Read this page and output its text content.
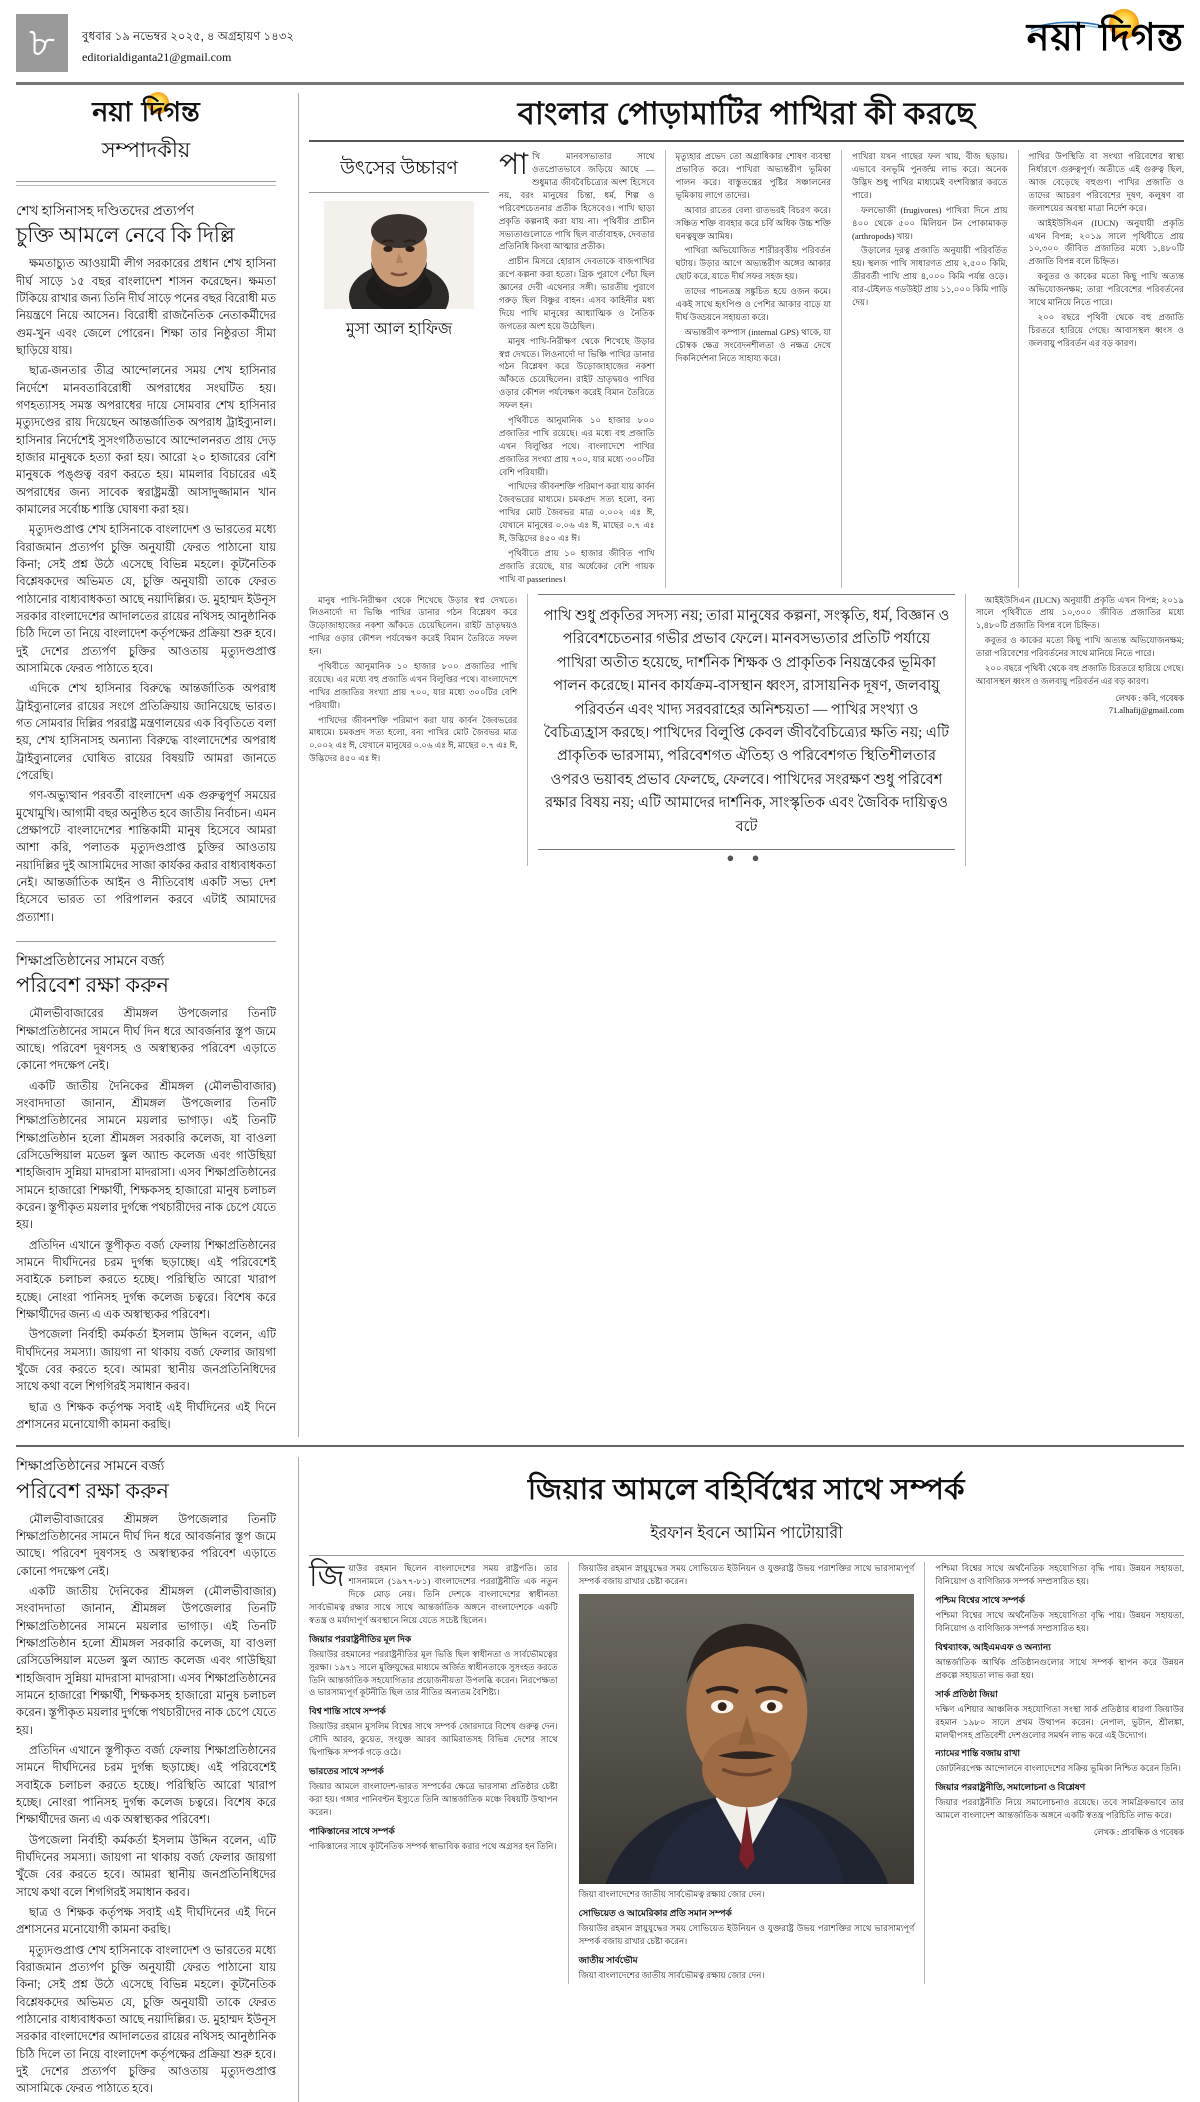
৮	বুধবার ১৯ নভেম্বর ২০২৫, ৪ অগ্রহায়ণ ১৪৩২
editorialdiganta21@gmail.com	নয়া দিগন্ত
নয়া দিগন্ত
সম্পাদকীয়
শেখ হাসিনাসহ দণ্ডিতদের প্রত্যর্পণ
চুক্তি আমলে নেবে কি দিল্লি

ক্ষমতাচ্যুত আওয়ামী লীগ সরকারের প্রধান শেখ হাসিনা দীর্ঘ সাড়ে ১৫ বছর বাংলাদেশ শাসন করেছেন। ক্ষমতা টিকিয়ে রাখার জন্য তিনি দীর্ঘ সাড়ে পনের বছর বিরোধী মত নিয়ন্ত্রণে নিয়ে আসেন। বিরোধী রাজনৈতিক নেতাকর্মীদের গুম-খুন এবং জেলে পোরেন। শিক্ষা তার নিষ্ঠুরতা সীমা ছাড়িয়ে যায়।

ছাত্র-জনতার তীব্র আন্দোলনের সময় শেখ হাসিনার নির্দেশে মানবতাবিরোধী অপরাধের সংঘটিত হয়। গণহত্যাসহ সমস্ত অপরাধের দায়ে সোমবার শেখ হাসিনার মৃত্যুদণ্ডের রায় দিয়েছেন আন্তর্জাতিক অপরাধ ট্রাইব্যুনাল। হাসিনার নির্দেশেই সুসংগঠিতভাবে আন্দোলনরত প্রায় দেড় হাজার মানুষকে হত্যা করা হয়। আরো ২০ হাজারের বেশি মানুষকে পঙ্গুত্ব বরণ করতে হয়। মামলার বিচারের এই অপরাধের জন্য সাবেক স্বরাষ্ট্রমন্ত্রী আসাদুজ্জামান খান কামালের সর্বোচ্চ শাস্তি ঘোষণা করা হয়।

মৃত্যুদণ্ডপ্রাপ্ত শেখ হাসিনাকে বাংলাদেশ ও ভারতের মধ্যে বিরাজমান প্রত্যর্পণ চুক্তি অনুযায়ী ফেরত পাঠানো যায় কিনা; সেই প্রশ্ন উঠে এসেছে বিভিন্ন মহলে। কূটনৈতিক বিশ্লেষকদের অভিমত যে, চুক্তি অনুযায়ী তাকে ফেরত পাঠানোর বাধ্যবাধকতা আছে নয়াদিল্লির। ড. মুহাম্মদ ইউনূস সরকার বাংলাদেশের আদালতের রায়ের নথিসহ আনুষ্ঠানিক চিঠি দিলে তা নিয়ে বাংলাদেশ কর্তৃপক্ষের প্রক্রিয়া শুরু হবে। দুই দেশের প্রত্যর্পণ চুক্তির আওতায় মৃত্যুদণ্ডপ্রাপ্ত আসামিকে ফেরত পাঠাতে হবে।

এদিকে শেখ হাসিনার বিরুদ্ধে আন্তর্জাতিক অপরাধ ট্রাইব্যুনালের রায়ের সংগে প্রতিক্রিয়ায় জানিয়েছে ভারত। গত সোমবার দিল্লির পররাষ্ট্র মন্ত্রণালয়ের এক বিবৃতিতে বলা হয়, শেখ হাসিনাসহ অন্যান্য বিরুদ্ধে বাংলাদেশের অপরাধ ট্রাইব্যুনালের ঘোষিত রায়ের বিষয়টি আমরা জানতে পেরেছি।

গণ-অভ্যুত্থান পরবর্তী বাংলাদেশ এক গুরুত্বপূর্ণ সময়ের মুখোমুখি। আগামী বছর অনুষ্ঠিত হবে জাতীয় নির্বাচন। এমন প্রেক্ষাপটে বাংলাদেশের শান্তিকামী মানুষ হিসেবে আমরা আশা করি, পলাতক মৃত্যুদণ্ডপ্রাপ্ত চুক্তির আওতায় নয়াদিল্লির দুই আসামিদের সাজা কার্যকর করার বাধ্যবাধকতা নেই। আন্তর্জাতিক আইন ও নীতিবোধ একটি সভ্য দেশ হিসেবে ভারত তা পরিপালন করবে এটাই আমাদের প্রত্যাশা।

শিক্ষাপ্রতিষ্ঠানের সামনে বর্জ্য
পরিবেশ রক্ষা করুন

মৌলভীবাজারের শ্রীমঙ্গল উপজেলার তিনটি শিক্ষাপ্রতিষ্ঠানের সামনে দীর্ঘ দিন ধরে আবর্জনার স্তূপ জমে আছে। পরিবেশ দূষণসহ ও অস্বাস্থ্যকর পরিবেশ এড়াতে কোনো পদক্ষেপ নেই।

একটি জাতীয় দৈনিকের শ্রীমঙ্গল (মৌলভীবাজার) সংবাদদাতা জানান, শ্রীমঙ্গল উপজেলার তিনটি শিক্ষাপ্রতিষ্ঠানের সামনে ময়লার ভাগাড়। এই তিনটি শিক্ষাপ্রতিষ্ঠান হলো শ্রীমঙ্গল সরকারি কলেজ, যা বাওলা রেসিডেন্সিয়াল মডেল স্কুল অ্যান্ড কলেজ এবং গাউছিয়া শাহজিবাদ সুন্নিয়া মাদরাসা মাদরাসা। এসব শিক্ষাপ্রতিষ্ঠানের সামনে হাজারো শিক্ষার্থী, শিক্ষকসহ হাজারো মানুষ চলাচল করেন। স্তূপীকৃত ময়লার দুর্গন্ধে পথচারীদের নাক চেপে যেতে হয়।

প্রতিদিন এখানে স্তূপীকৃত বর্জ্য ফেলায় শিক্ষাপ্রতিষ্ঠানের সামনে দীর্ঘদিনের চরম দুর্গন্ধ ছড়াচ্ছে। এই পরিবেশেই সবাইকে চলাচল করতে হচ্ছে। পরিস্থিতি আরো খারাপ হচ্ছে। নোংরা পানিসহ দুর্গন্ধ কলেজ চত্বরে। বিশেষ করে শিক্ষার্থীদের জন্য এ এক অস্বাস্থ্যকর পরিবেশ।

উপজেলা নির্বাহী কর্মকর্তা ইসলাম উদ্দিন বলেন, এটি দীর্ঘদিনের সমস্যা। জায়গা না থাকায় বর্জ্য ফেলার জায়গা খুঁজে বের করতে হবে। আমরা স্থানীয় জনপ্রতিনিধিদের সাথে কথা বলে শিগগিরই সমাধান করব।

ছাত্র ও শিক্ষক কর্তৃপক্ষ সবাই এই দীর্ঘদিনের এই দিনে প্রশাসনের মনোযোগী কামনা করছি।

বাংলার পোড়ামাটির পাখিরা কী করছে
উৎসের উচ্চারণ
মুসা আল হাফিজ

পাখি মানবসভ্যতার সাথে ওতপ্রোতভাবে জড়িয়ে আছে — শুধুমাত্র জীববৈচিত্র্যের অংশ হিসেবে নয়, বরং মানুষের চিন্তা, ধর্ম, শিল্প ও পরিবেশচেতনার প্রতীক হিসেবেও। পাখি ছাড়া প্রকৃতি কল্পনাই করা যায় না। পৃথিবীর প্রাচীন সভ্যতাগুলোতে পাখি ছিল বার্তাবাহক, দেবতার প্রতিনিধি কিংবা আত্মার প্রতীক।

প্রাচীন মিসরে হোরাস দেবতাকে বাজপাখির রূপে কল্পনা করা হতো। গ্রিক পুরাণে পেঁচা ছিল জ্ঞানের দেবী এথেনার সঙ্গী। ভারতীয় পুরাণে গরুড় ছিল বিষ্ণুর বাহন। এসব কাহিনীর মধ্য দিয়ে পাখি মানুষের আধ্যাত্মিক ও নৈতিক জগতের অংশ হয়ে উঠেছিল।

মানুষ পাখি-নিরীক্ষণ থেকে শিখেছে উড়ার স্বপ্ন দেখতে। লিওনার্দো দা ভিঞ্চি পাখির ডানার গঠন বিশ্লেষণ করে উড়োজাহাজের নকশা আঁকতে চেয়েছিলেন। রাইট ভ্রাতৃদ্বয়ও পাখির ওড়ার কৌশল পর্যবেক্ষণ করেই বিমান তৈরিতে সফল হন।

পৃথিবীতে আনুমানিক ১০ হাজার ৮০০ প্রজাতির পাখি রয়েছে। এর মধ্যে বহু প্রজাতি এখন বিলুপ্তির পথে। বাংলাদেশে পাখির প্রজাতির সংখ্যা প্রায় ৭০০, যার মধ্যে ৩০০টির বেশি পরিযায়ী।

পাখিদের জীবনশক্তি পরিমাপ করা যায় কার্বন জৈবভরের মাধ্যমে। চমকপ্রদ সত্য হলো, বন্য পাখির মোট জৈবভর মাত্র ০.০০২ এঃ ঈ, যেখানে মানুষের ০.০৬ এঃ ঈ, মাছের ০.৭ এঃ ঈ, উদ্ভিদের ৪৫০ এঃ ঈ।

পৃথিবীতে প্রায় ১০ হাজার জীবিত পাখি প্রজাতি রয়েছে, যার অর্ধেকের বেশি গায়ক পাখি বা passerines।

মৃত্যুহার প্রভেদ তো অগ্রাধিকার শোষণ ব্যবস্থা প্রভাবিত করে। পাখিরা অভ্যন্তরীণ ভূমিকা পালন করে। বাস্তুতন্ত্রের পুষ্টির সঞ্চালনের ভূমিকায় লাগে তাদের।

আবার রাতের বেলা রাতভরই বিচরণ করে। সঞ্চিত শক্তি ব্যবহার করে চর্বি অধিক উচ্চ শক্তি ঘনত্বযুক্ত আমিষ।

পাখিরা অভিযোজিত শারীরবৃত্তীয় পরিবর্তন ঘটায়। উড়ার আগে অভ্যন্তরীণ অঙ্গের আকার ছোট করে, যাতে দীর্ঘ সফর সহজ হয়।

তাদের পাচনতন্ত্র সঙ্কুচিত হয়ে ওজন কমে। একই সাথে হৃৎপিণ্ড ও পেশির আকার বাড়ে যা দীর্ঘ উড্ডয়নে সহায়তা করে।

অভ্যন্তরীণ কম্পাস (internal GPS) থাকে, যা চৌম্বক ক্ষেত্র সংবেদনশীলতা ও নক্ষত্র দেখে দিকনির্দেশনা নিতে সাহায্য করে।

পাখিরা যখন গাছের ফল খায়, বীজ ছড়ায়। এভাবে বনভূমি পুনর্জন্ম লাভ করে। অনেক উদ্ভিদ শুধু পাখির মাধ্যমেই বংশবিস্তার করতে পারে।

ফলভোজী (frugivores) পাখিরা দিনে প্রায় ৪০০ থেকে ৫০০ মিলিয়ন টন পোকামাকড় (arthropods) খায়।

উড়ালের দূরত্ব প্রজাতি অনুযায়ী পরিবর্তিত হয়। স্থলজ পাখি সাধারণত প্রায় ২,৫০০ কিমি, তীরবর্তী পাখি প্রায় ৪,০০০ কিমি পর্যন্ত ওড়ে। বার-টেইলড গডউইট প্রায় ১১,০০০ কিমি পাড়ি দেয়।

পাখির উপস্থিতি বা সংখ্যা পরিবেশের স্বাস্থ্য নির্ধারণে গুরুত্বপূর্ণ। অতীতে এই গুরুত্ব ছিল, আজ বেড়েছে বহুগুণ। পাখির প্রজাতি ও তাদের আচরণ পরিবেশের দূষণ, কলুষণ বা জলাশয়ের অবস্থা মাত্রা নির্দেশ করে।

আইইউসিএন (IUCN) অনুযায়ী প্রকৃতি এখন বিপন্ন; ২০১৯ সালে পৃথিবীতে প্রায় ১০,৩০০ জীবিত প্রজাতির মধ্যে ১,৪৮০টি প্রজাতি বিপন্ন বলে চিহ্নিত।

কবুতর ও কাকের মতো কিছু পাখি অত্যন্ত অভিযোজনক্ষম; তারা পরিবেশের পরিবর্তনের সাথে মানিয়ে নিতে পারে।

২০০ বছরে পৃথিবী থেকে বহু প্রজাতি চিরতরে হারিয়ে গেছে। আবাসস্থল ধ্বংস ও জলবায়ু পরিবর্তন এর বড় কারণ।

মানুষ পাখি-নিরীক্ষণ থেকে শিখেছে উড়ার স্বপ্ন দেখতে। লিওনার্দো দা ভিঞ্চি পাখির ডানার গঠন বিশ্লেষণ করে উড়োজাহাজের নকশা আঁকতে চেয়েছিলেন। রাইট ভ্রাতৃদ্বয়ও পাখির ওড়ার কৌশল পর্যবেক্ষণ করেই বিমান তৈরিতে সফল হন।

পৃথিবীতে আনুমানিক ১০ হাজার ৮০০ প্রজাতির পাখি রয়েছে। এর মধ্যে বহু প্রজাতি এখন বিলুপ্তির পথে। বাংলাদেশে পাখির প্রজাতির সংখ্যা প্রায় ৭০০, যার মধ্যে ৩০০টির বেশি পরিযায়ী।

পাখিদের জীবনশক্তি পরিমাপ করা যায় কার্বন জৈবভরের মাধ্যমে। চমকপ্রদ সত্য হলো, বন্য পাখির মোট জৈবভর মাত্র ০.০০২ এঃ ঈ, যেখানে মানুষের ০.০৬ এঃ ঈ, মাছের ০.৭ এঃ ঈ, উদ্ভিদের ৪৫০ এঃ ঈ।

পাখি শুধু প্রকৃতির সদস্য নয়; তারা মানুষের কল্পনা, সংস্কৃতি, ধর্ম, বিজ্ঞান ও পরিবেশচেতনার গভীর প্রভাব ফেলে। মানবসভ্যতার প্রতিটি পর্যায়ে পাখিরা অতীত হয়েছে, দার্শনিক শিক্ষক ও প্রাকৃতিক নিয়ন্ত্রকের ভূমিকা পালন করেছে। মানব কার্যক্রম-বাসস্থান ধ্বংস, রাসায়নিক দূষণ, জলবায়ু পরিবর্তন এবং খাদ্য সরবরাহের অনিশ্চয়তা — পাখির সংখ্যা ও বৈচিত্র্যহ্রাস করছে। পাখিদের বিলুপ্তি কেবল জীববৈচিত্র্যের ক্ষতি নয়; এটি প্রাকৃতিক ভারসাম্য, পরিবেশগত ঐতিহ্য ও পরিবেশগত স্থিতিশীলতার ওপরও ভয়াবহ প্রভাব ফেলছে, ফেলবে। পাখিদের সংরক্ষণ শুধু পরিবেশ রক্ষার বিষয় নয়; এটি আমাদের দার্শনিক, সাংস্কৃতিক এবং জৈবিক দায়িত্বও বটে
● ●

আইইউসিএন (IUCN) অনুযায়ী প্রকৃতি এখন বিপন্ন; ২০১৯ সালে পৃথিবীতে প্রায় ১০,৩০০ জীবিত প্রজাতির মধ্যে ১,৪৮০টি প্রজাতি বিপন্ন বলে চিহ্নিত।

কবুতর ও কাকের মতো কিছু পাখি অত্যন্ত অভিযোজনক্ষম; তারা পরিবেশের পরিবর্তনের সাথে মানিয়ে নিতে পারে।

২০০ বছরে পৃথিবী থেকে বহু প্রজাতি চিরতরে হারিয়ে গেছে। আবাসস্থল ধ্বংস ও জলবায়ু পরিবর্তন এর বড় কারণ।

লেখক : কবি, গবেষক
71.alhafij@gmail.com
শিক্ষাপ্রতিষ্ঠানের সামনে বর্জ্য
পরিবেশ রক্ষা করুন

মৌলভীবাজারের শ্রীমঙ্গল উপজেলার তিনটি শিক্ষাপ্রতিষ্ঠানের সামনে দীর্ঘ দিন ধরে আবর্জনার স্তূপ জমে আছে। পরিবেশ দূষণসহ ও অস্বাস্থ্যকর পরিবেশ এড়াতে কোনো পদক্ষেপ নেই।

একটি জাতীয় দৈনিকের শ্রীমঙ্গল (মৌলভীবাজার) সংবাদদাতা জানান, শ্রীমঙ্গল উপজেলার তিনটি শিক্ষাপ্রতিষ্ঠানের সামনে ময়লার ভাগাড়। এই তিনটি শিক্ষাপ্রতিষ্ঠান হলো শ্রীমঙ্গল সরকারি কলেজ, যা বাওলা রেসিডেন্সিয়াল মডেল স্কুল অ্যান্ড কলেজ এবং গাউছিয়া শাহজিবাদ সুন্নিয়া মাদরাসা মাদরাসা। এসব শিক্ষাপ্রতিষ্ঠানের সামনে হাজারো শিক্ষার্থী, শিক্ষকসহ হাজারো মানুষ চলাচল করেন। স্তূপীকৃত ময়লার দুর্গন্ধে পথচারীদের নাক চেপে যেতে হয়।

প্রতিদিন এখানে স্তূপীকৃত বর্জ্য ফেলায় শিক্ষাপ্রতিষ্ঠানের সামনে দীর্ঘদিনের চরম দুর্গন্ধ ছড়াচ্ছে। এই পরিবেশেই সবাইকে চলাচল করতে হচ্ছে। পরিস্থিতি আরো খারাপ হচ্ছে। নোংরা পানিসহ দুর্গন্ধ কলেজ চত্বরে। বিশেষ করে শিক্ষার্থীদের জন্য এ এক অস্বাস্থ্যকর পরিবেশ।

উপজেলা নির্বাহী কর্মকর্তা ইসলাম উদ্দিন বলেন, এটি দীর্ঘদিনের সমস্যা। জায়গা না থাকায় বর্জ্য ফেলার জায়গা খুঁজে বের করতে হবে। আমরা স্থানীয় জনপ্রতিনিধিদের সাথে কথা বলে শিগগিরই সমাধান করব।

ছাত্র ও শিক্ষক কর্তৃপক্ষ সবাই এই দীর্ঘদিনের এই দিনে প্রশাসনের মনোযোগী কামনা করছি।

মৃত্যুদণ্ডপ্রাপ্ত শেখ হাসিনাকে বাংলাদেশ ও ভারতের মধ্যে বিরাজমান প্রত্যর্পণ চুক্তি অনুযায়ী ফেরত পাঠানো যায় কিনা; সেই প্রশ্ন উঠে এসেছে বিভিন্ন মহলে। কূটনৈতিক বিশ্লেষকদের অভিমত যে, চুক্তি অনুযায়ী তাকে ফেরত পাঠানোর বাধ্যবাধকতা আছে নয়াদিল্লির। ড. মুহাম্মদ ইউনূস সরকার বাংলাদেশের আদালতের রায়ের নথিসহ আনুষ্ঠানিক চিঠি দিলে তা নিয়ে বাংলাদেশ কর্তৃপক্ষের প্রক্রিয়া শুরু হবে। দুই দেশের প্রত্যর্পণ চুক্তির আওতায় মৃত্যুদণ্ডপ্রাপ্ত আসামিকে ফেরত পাঠাতে হবে।

জিয়ার আমলে বহির্বিশ্বের সাথে সম্পর্ক
ইরফান ইবনে আমিন পাটোয়ারী

জিয়াউর রহমান ছিলেন বাংলাদেশের সময় রাষ্ট্রপতি। তার শাসনামলে (১৯৭৭-৮১) বাংলাদেশের পররাষ্ট্রনীতি এক নতুন দিকে মোড় নেয়। তিনি দেশকে বাংলাদেশের স্বাধীনতা সার্বভৌমত্ব রক্ষার সাথে সাথে আন্তর্জাতিক অঙ্গনে বাংলাদেশকে একটি স্বতন্ত্র ও মর্যাদাপূর্ণ অবস্থানে নিয়ে যেতে সচেষ্ট ছিলেন।

জিয়ার পররাষ্ট্রনীতির মূল দিক

জিয়াউর রহমানের পররাষ্ট্রনীতির মূল ভিত্তি ছিল স্বাধীনতা ও সার্বভৌমত্বের সুরক্ষা। ১৯৭১ সালে মুক্তিযুদ্ধের মাধ্যমে অর্জিত স্বাধীনতাকে সুসংহত করতে তিনি আন্তর্জাতিক সহযোগিতার প্রয়োজনীয়তা উপলব্ধি করেন। নিরপেক্ষতা ও ভারসাম্যপূর্ণ কূটনীতি ছিল তার নীতির অন্যতম বৈশিষ্ট্য।

বিশ্ব শান্তি সাথে সম্পর্ক

জিয়াউর রহমান মুসলিম বিশ্বের সাথে সম্পর্ক জোরদারে বিশেষ গুরুত্ব দেন। সৌদি আরব, কুয়েত, সংযুক্ত আরব আমিরাতসহ বিভিন্ন দেশের সাথে দ্বিপাক্ষিক সম্পর্ক গড়ে ওঠে।

ভারতের সাথে সম্পর্ক

জিয়ার আমলে বাংলাদেশ-ভারত সম্পর্কের ক্ষেত্রে ভারসাম্য প্রতিষ্ঠার চেষ্টা করা হয়। গঙ্গার পানিবণ্টন ইস্যুতে তিনি আন্তর্জাতিক মঞ্চে বিষয়টি উত্থাপন করেন।

পাকিস্তানের সাথে সম্পর্ক

পাকিস্তানের সাথে কূটনৈতিক সম্পর্ক স্বাভাবিক করার পথে অগ্রসর হন তিনি।

জিয়াউর রহমান স্নায়ুযুদ্ধের সময় সোভিয়েত ইউনিয়ন ও যুক্তরাষ্ট্র উভয় পরাশক্তির সাথে ভারসাম্যপূর্ণ সম্পর্ক বজায় রাখার চেষ্টা করেন।

জিয়া বাংলাদেশের জাতীয় সার্বভৌমত্ব রক্ষায় জোর দেন।

সোভিয়েত ও আমেরিকার প্রতি সমান সম্পর্ক

জিয়াউর রহমান স্নায়ুযুদ্ধের সময় সোভিয়েত ইউনিয়ন ও যুক্তরাষ্ট্র উভয় পরাশক্তির সাথে ভারসাম্যপূর্ণ সম্পর্ক বজায় রাখার চেষ্টা করেন।

জাতীয় সার্বভৌম

জিয়া বাংলাদেশের জাতীয় সার্বভৌমত্ব রক্ষায় জোর দেন।

পশ্চিমা বিশ্বের সাথে অর্থনৈতিক সহযোগিতা বৃদ্ধি পায়। উন্নয়ন সহায়তা, বিনিয়োগ ও বাণিজ্যিক সম্পর্ক সম্প্রসারিত হয়।

পশ্চিম বিশ্বের সাথে সম্পর্ক

পশ্চিমা বিশ্বের সাথে অর্থনৈতিক সহযোগিতা বৃদ্ধি পায়। উন্নয়ন সহায়তা, বিনিয়োগ ও বাণিজ্যিক সম্পর্ক সম্প্রসারিত হয়।

বিশ্বব্যাংক, আইএমএফ ও অন্যান্য

আন্তর্জাতিক আর্থিক প্রতিষ্ঠানগুলোর সাথে সম্পর্ক স্থাপন করে উন্নয়ন প্রকল্পে সহায়তা লাভ করা হয়।

সার্ক প্রতিষ্ঠা জিয়া

দক্ষিণ এশিয়ার আঞ্চলিক সহযোগিতা সংস্থা সার্ক প্রতিষ্ঠার ধারণা জিয়াউর রহমান ১৯৮০ সালে প্রথম উত্থাপন করেন। নেপাল, ভুটান, শ্রীলঙ্কা, মালদ্বীপসহ প্রতিবেশী দেশগুলোর সমর্থন লাভ করে এই উদ্যোগ।

ন্যামের শান্তি বজায় রাখা

জোটনিরপেক্ষ আন্দোলনে বাংলাদেশের সক্রিয় ভূমিকা নিশ্চিত করেন তিনি।

জিয়ার পররাষ্ট্রনীতি, সমালোচনা ও বিশ্লেষণ

জিয়ার পররাষ্ট্রনীতি নিয়ে সমালোচনাও রয়েছে। তবে সামগ্রিকভাবে তার আমলে বাংলাদেশ আন্তর্জাতিক অঙ্গনে একটি স্বতন্ত্র পরিচিতি লাভ করে।

লেখক : প্রাবন্ধিক ও গবেষক
